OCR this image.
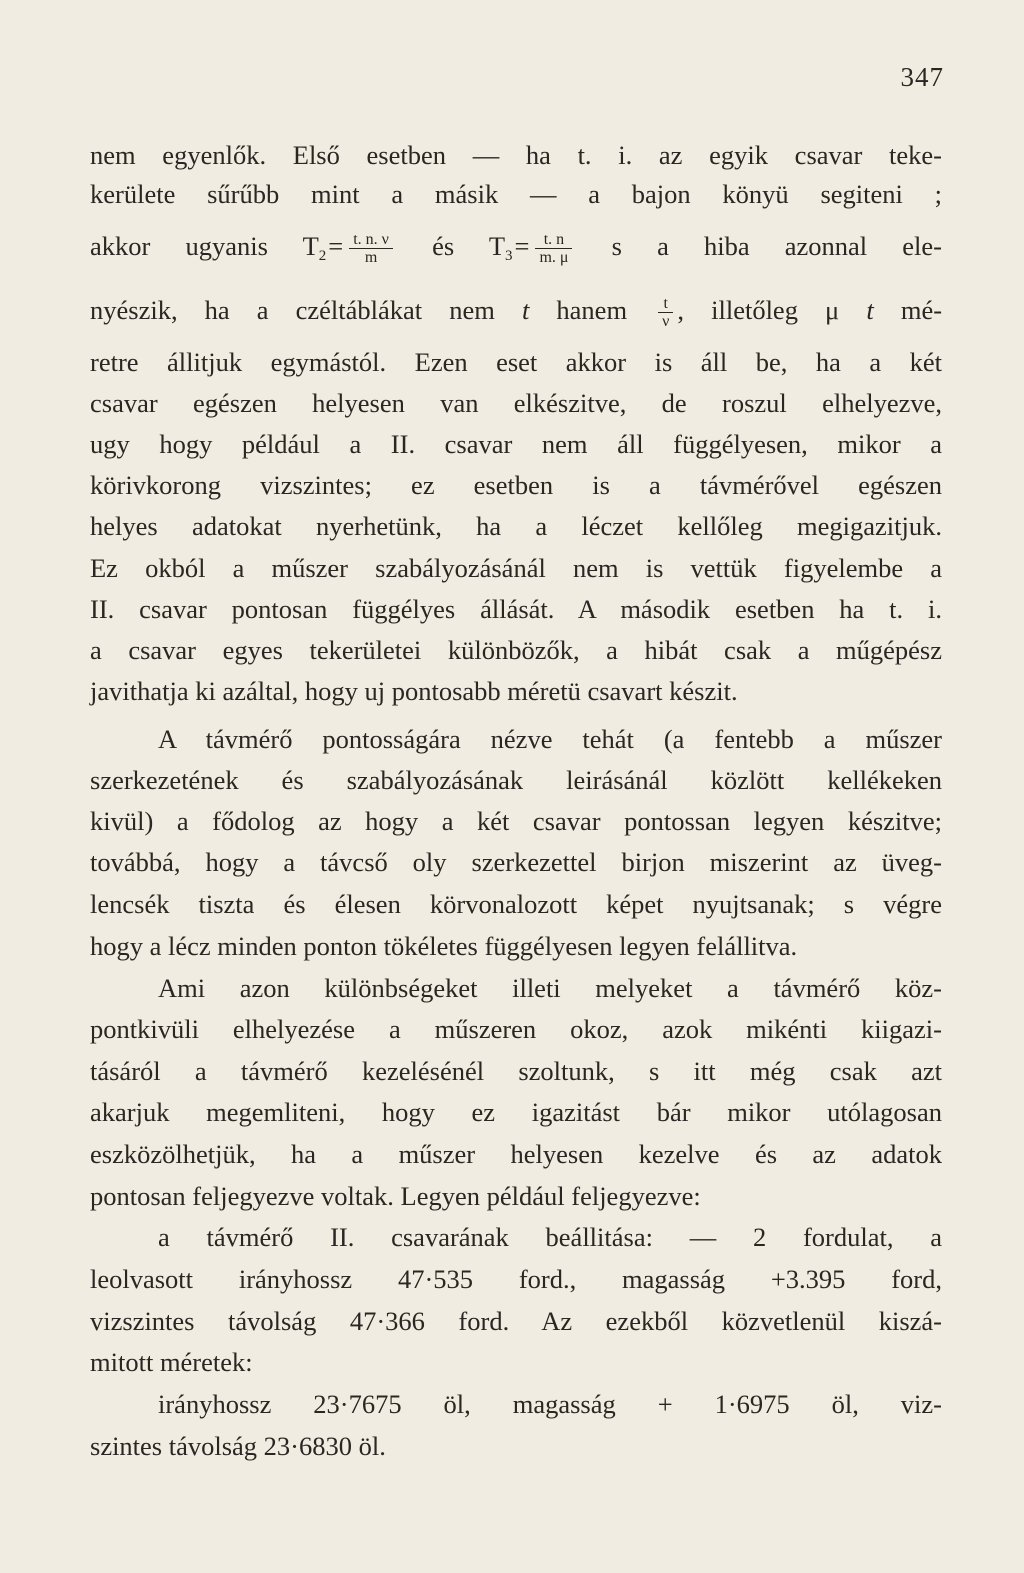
347
nem egyenlők. Első esetben — ha t. i. az egyik csavar teke-
kerülete sűrűbb mint a másik — a bajon könyü segiteni ;
akkor ugyanis $T_2= \frac{t. n. \nu}{m}$ és $T_3= \frac{t. n}{m. \mu}$ s a hiba azonnal ele-
nyészik, ha a czéltáblákat nem t hanem $\frac{t}{\nu}$ , illetőleg μ t mé-
retre állitjuk egymástól. Ezen eset akkor is áll be, ha a két
csavar egészen helyesen van elkészitve, de roszul elhelyezve,
ugy hogy például a II. csavar nem áll függélyesen, mikor a
körivkorong vizszintes; ez esetben is a távmérővel egészen
helyes adatokat nyerhetünk, ha a léczet kellőleg megigazitjuk.
Ez okból a műszer szabályozásánál nem is vettük figyelembe a
II. csavar pontosan függélyes állását. A második esetben ha t. i.
a csavar egyes tekerületei különbözők, a hibát csak a műgépész
javithatja ki azáltal, hogy uj pontosabb méretü csavart készit.
A távmérő pontosságára nézve tehát (a fentebb a műszer
szerkezetének és szabályozásának leirásánál közlött kellékeken
kivül) a fődolog az hogy a két csavar pontossan legyen készitve;
továbbá, hogy a távcső oly szerkezettel birjon miszerint az üveg-
lencsék tiszta és élesen körvonalozott képet nyujtsanak; s végre
hogy a lécz minden ponton tökéletes függélyesen legyen felállitva.
Ami azon különbségeket illeti melyeket a távmérő köz-
pontkivüli elhelyezése a műszeren okoz, azok mikénti kiigazi-
tásáról a távmérő kezelésénél szoltunk, s itt még csak azt
akarjuk megemliteni, hogy ez igazitást bár mikor utólagosan
eszközölhetjük, ha a műszer helyesen kezelve és az adatok
pontosan feljegyezve voltak. Legyen például feljegyezve:
a távmérő II. csavarának beállitása: — 2 fordulat, a
leolvasott irányhossz 47·535 ford., magasság +3.395 ford,
vizszintes távolság 47·366 ford. Az ezekből közvetlenül kiszá-
mitott méretek:
irányhossz 23·7675 öl, magasság + 1·6975 öl, viz-
szintes távolság 23·6830 öl.
